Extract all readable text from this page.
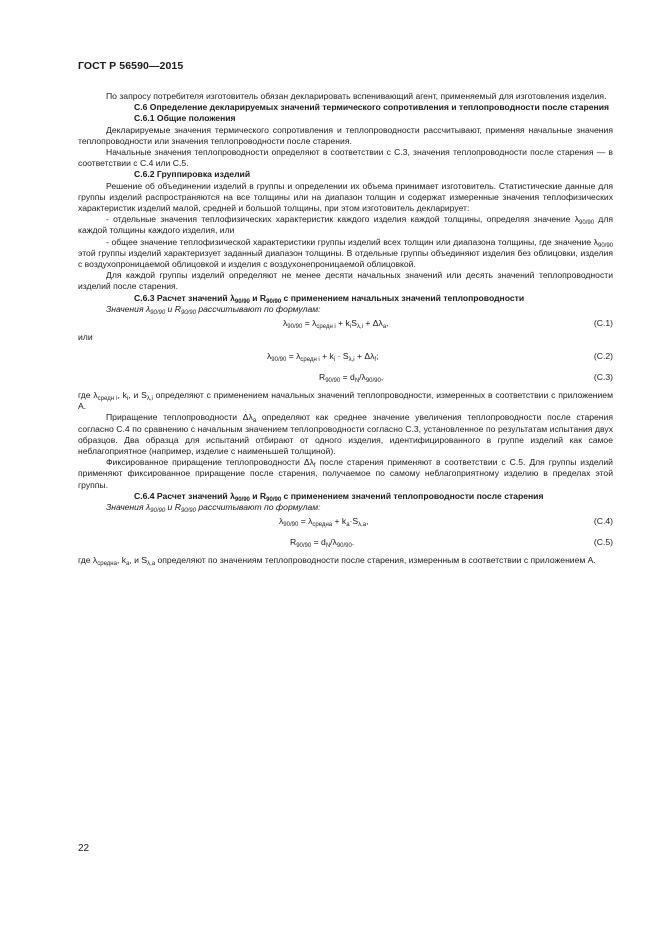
ГОСТ Р 56590—2015

По запросу потребителя изготовитель обязан декларировать вспенивающий агент, применяемый для изготовления изделия.

С.6 Определение декларируемых значений термического сопротивления и теплопроводности после старения

С.6.1 Общие положения

Декларируемые значения термического сопротивления и теплопроводности рассчитывают, применяя начальные значения теплопроводности или значения теплопроводности после старения.

Начальные значения теплопроводности определяют в соответствии с С.3, значения теплопроводности после старения — в соответствии с С.4 или С.5.

С.6.2 Группировка изделий

Решение об объединении изделий в группы и определении их объема принимает изготовитель. Статистические данные для группы изделий распространяются на все толщины или на диапазон толщин и содержат измеренные значения теплофизических характеристик изделий малой, средней и большой толщины, при этом изготовитель декларирует:

- отдельные значения теплофизических характеристик каждого изделия каждой толщины, определяя значение $\lambda_{90/90}$ для каждой толщины каждого изделия, или

- общее значение теплофизической характеристики группы изделий всех толщин или диапазона толщины, где значение $\lambda_{90/90}$ этой группы изделий характеризует заданный диапазон толщины. В отдельные группы объединяют изделия без облицовки, изделия с воздухопроницаемой облицовкой и изделия с воздухонепроницаемой облицовкой.

Для каждой группы изделий определяют не менее десяти начальных значений или десять значений теплопроводности изделий после старения.

С.6.3 Расчет значений $\lambda_{90/90}$ и $R_{90/90}$ с применением начальных значений теплопроводности

Значения $\lambda_{90/90}$ и $R_{90/90}$ рассчитывают по формулам:

$\lambda_{90/90} = \lambda_{средн i} + k_iS_{\lambda,i} + \Delta\lambda_a$,	(С.1)

или

$\lambda_{90/90} = \lambda_{средн i} + k_i \cdot S_{\lambda,i} + \Delta\lambda_f$;	(С.2)
$R_{90/90} = d_N/\lambda_{90/90}$,	(С.3)

где $\lambda_{средн i}$, $k_i$, и $S_{\lambda,i}$ определяют с применением начальных значений теплопроводности, измеренных в соответствии с приложением А.

Приращение теплопроводности $\Delta\lambda_a$ определяют как среднее значение увеличения теплопроводности после старения согласно С.4 по сравнению с начальным значением теплопроводности согласно С.3, установленное по результатам испытания двух образцов. Два образца для испытаний отбирают от одного изделия, идентифицированного в группе изделий как самое неблагоприятное (например, изделие с наименьшей толщиной).

Фиксированное приращение теплопроводности $\Delta\lambda_f$ после старения применяют в соответствии с С.5. Для группы изделий применяют фиксированное приращение после старения, получаемое по самому неблагоприятному изделию в пределах этой группы.

С.6.4 Расчет значений $\lambda_{90/90}$ и $R_{90/90}$ с применением значений теплопроводности после старения

Значения $\lambda_{90/90}$ и $R_{90/90}$ рассчитывают по формулам:

$\lambda_{90/90} = \lambda_{средна} + k_a\cdot S_{\lambda,a}$,	(С.4)
$R_{90/90} = d_N/\lambda_{90/90}$.	(С.5)

где $\lambda_{средна}$, $k_a$, и $S_{\lambda,a}$ определяют по значениям теплопроводности после старения, измеренным в соответствии с приложением А.

22
